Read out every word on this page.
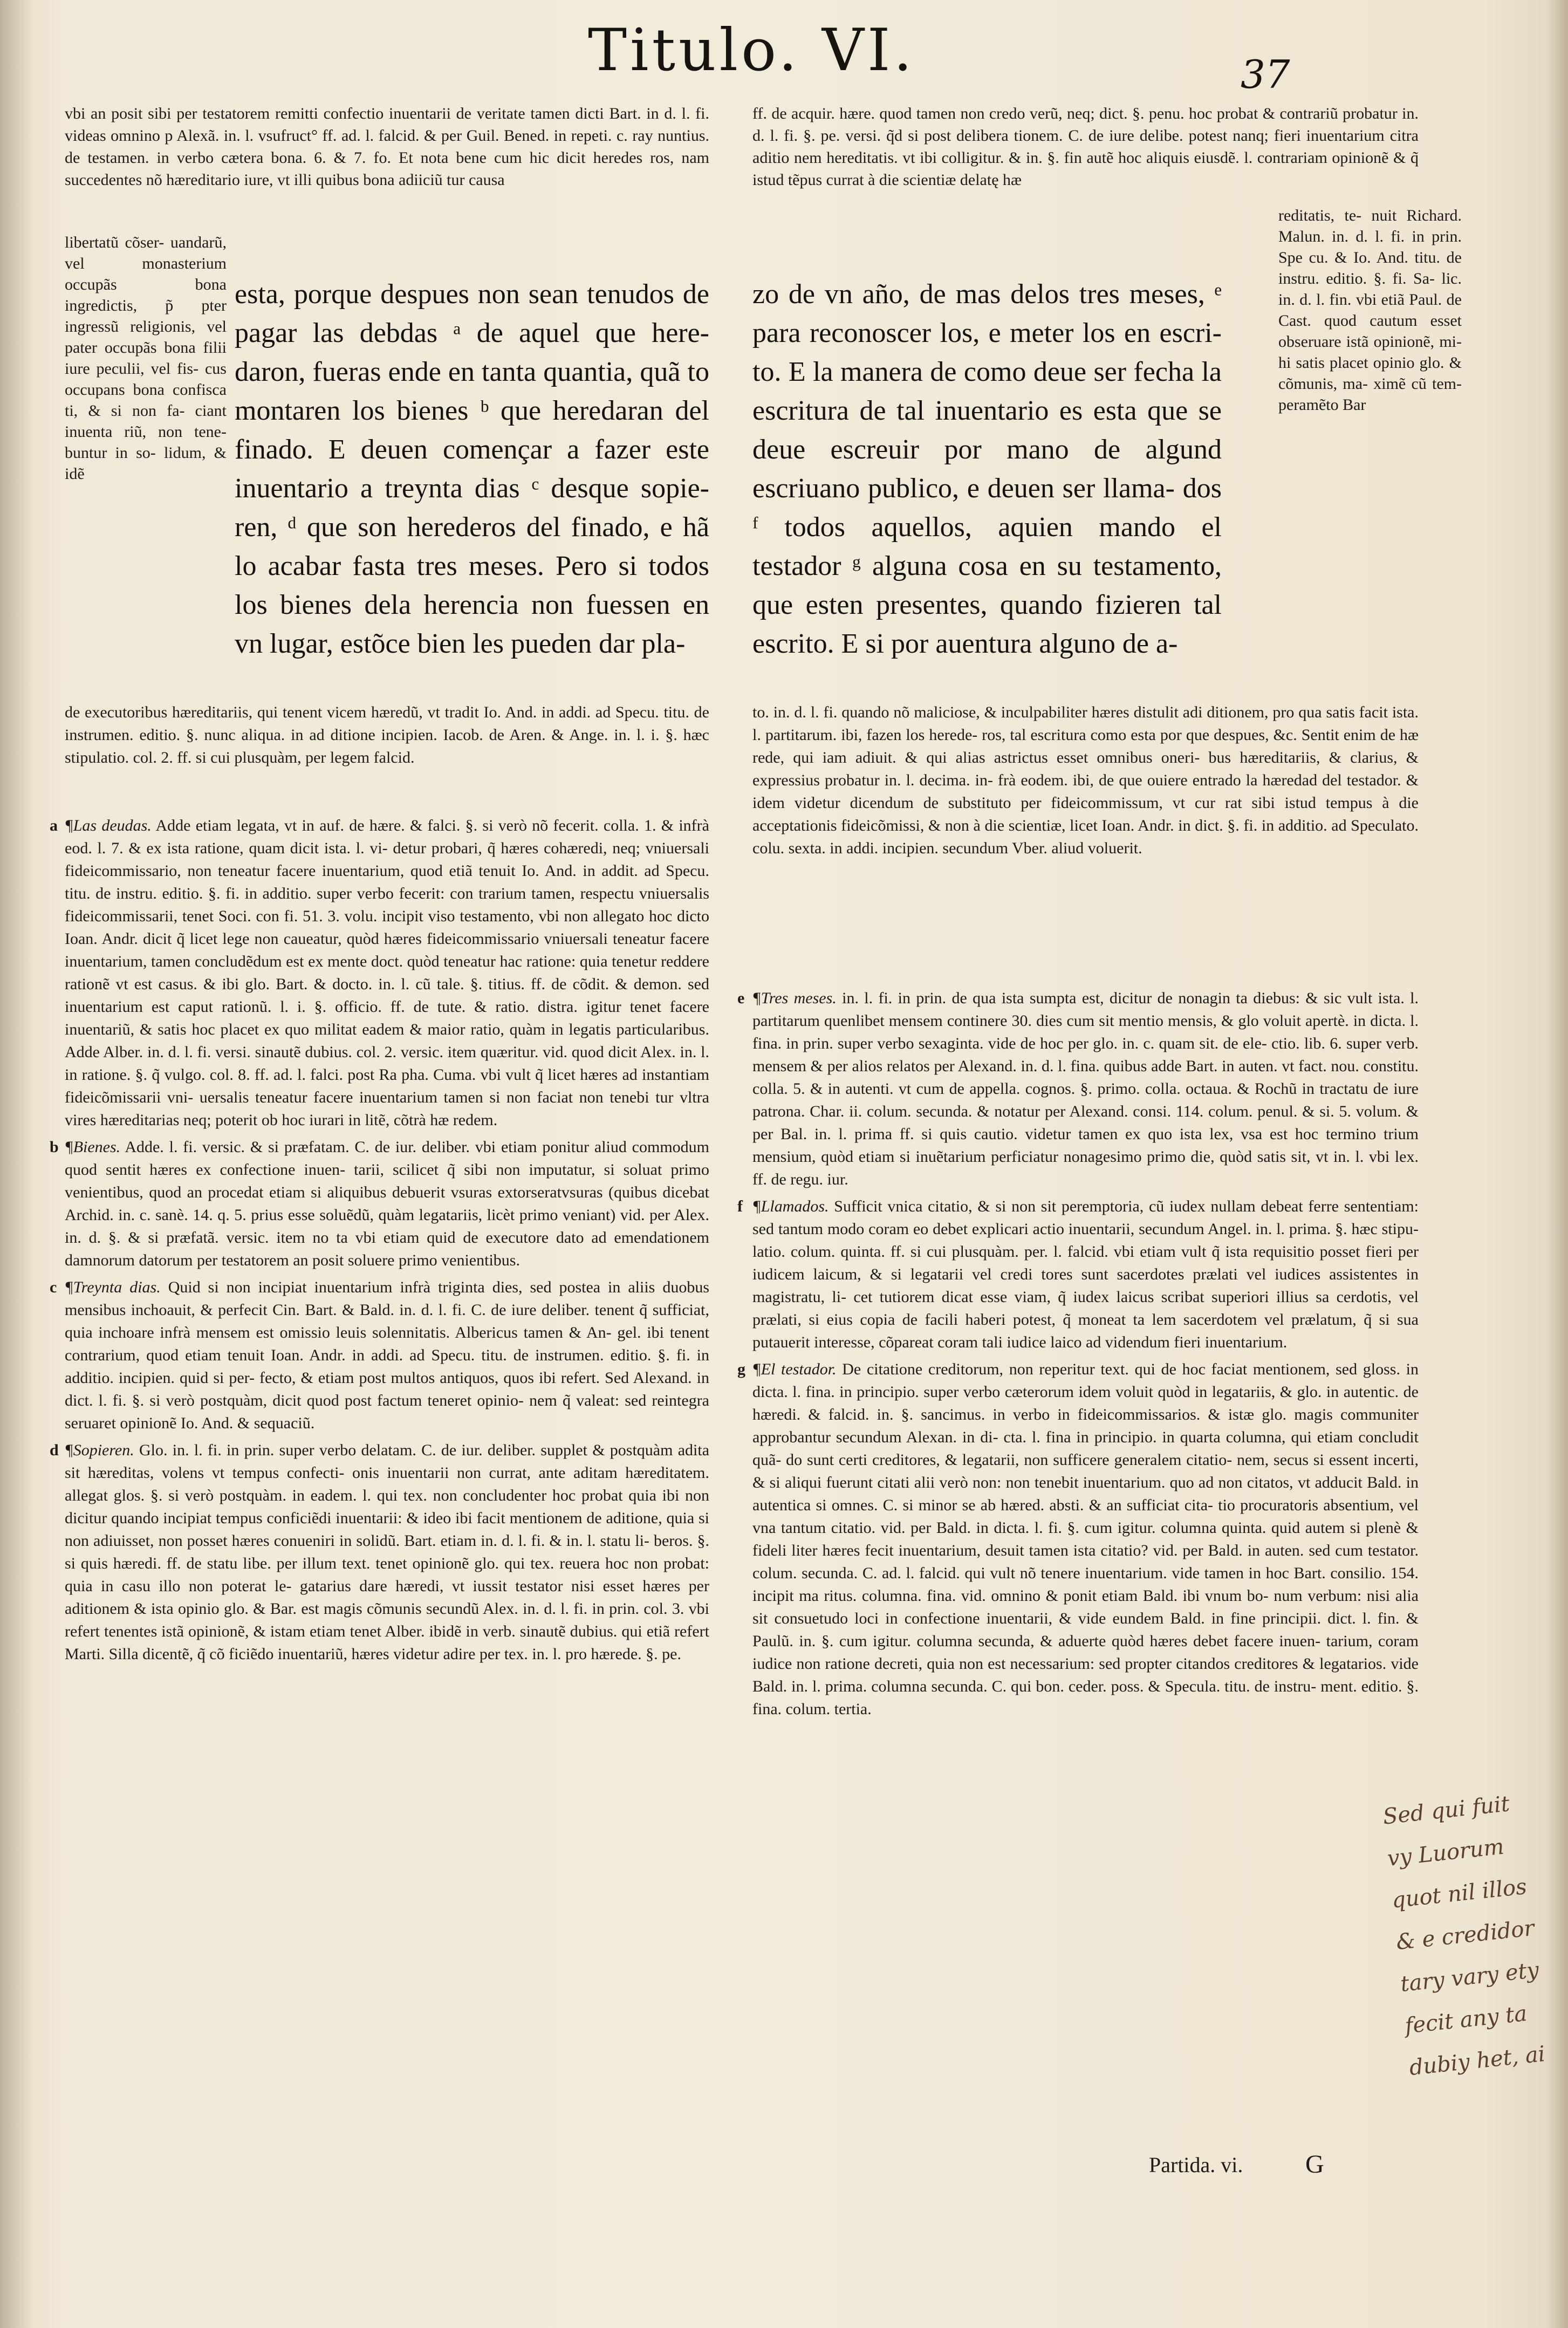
Titulo. VI.	37
vbi an posit sibi per testatorem remitti confectio inuentarii de veritate tamen dicti Bart. in d. l. fi. videas omnino p Alexã. in. l. vsufruct° ff. ad. l. falcid. & per Guil. Bened. in repeti. c. ray nuntius. de testamen. in verbo cætera bona. 6. & 7. fo. Et nota bene cum hic dicit heredes ros, nam succedentes nõ hæreditario iure, vt illi quibus bona adiiciũ tur causa
ff. de acquir. hære. quod tamen non credo verũ, neq; dict. §. penu. hoc probat & contrariũ probatur in. d. l. fi. §. pe. versi. q̃d si post delibera tionem. C. de iure delibe. potest nanq; fieri inuentarium citra aditio nem hereditatis. vt ibi colligitur. & in. §. fin autẽ hoc aliquis eiusdẽ. l. contrariam opinionẽ & q̃ istud tẽpus currat à die scientiæ delatę hæ
libertatũ cõser- uandarũ, vel monasterium occupãs bona ingredictis, p̃ pter ingressũ religionis, vel pater occupãs bona filii iure peculii, vel fis- cus occupans bona confisca ti, & si non fa- ciant inuenta riũ, non tene- buntur in so- lidum, & idẽ
reditatis, te- nuit Richard. Malun. in. d. l. fi. in prin. Spe cu. & Io. And. titu. de instru. editio. §. fi. Sa- lic. in. d. l. fin. vbi etiã Paul. de Cast. quod cautum esset obseruare istã opinionẽ, mi- hi satis placet opinio glo. & cõmunis, ma- ximẽ cũ tem- peramẽto Bar
esta, porque despues non sean tenudos de pagar las debdas ᵃ de aquel que here- daron, fueras ende en tanta quantia, quã to montaren los bienes ᵇ que heredaran del finado. E deuen començar a fazer este inuentario a treynta dias ᶜ desque sopie- ren, ᵈ que son herederos del finado, e hã lo acabar fasta tres meses. Pero si todos los bienes dela herencia non fuessen en vn lugar, estõce bien les pueden dar pla-
zo de vn año, de mas delos tres meses, ᵉ para reconoscer los, e meter los en escri- to. E la manera de como deue ser fecha la escritura de tal inuentario es esta que se deue escreuir por mano de algund escriuano publico, e deuen ser llama- dos ᶠ todos aquellos, aquien mando el testador ᵍ alguna cosa en su testamento, que esten presentes, quando fizieren tal escrito. E si por auentura alguno de a-
de executoribus hæreditariis, qui tenent vicem hæredũ, vt tradit Io. And. in addi. ad Specu. titu. de instrumen. editio. §. nunc aliqua. in ad ditione incipien. Iacob. de Aren. & Ange. in. l. i. §. hæc stipulatio. col. 2. ff. si cui plusquàm, per legem falcid.
to. in. d. l. fi. quando nõ maliciose, & inculpabiliter hæres distulit adi ditionem, pro qua satis facit ista. l. partitarum. ibi, fazen los herede- ros, tal escritura como esta por que despues, &c. Sentit enim de hæ rede, qui iam adiuit. & qui alias astrictus esset omnibus oneri- bus hæreditariis, & clarius, & expressius probatur in. l. decima. in- frà eodem. ibi, de que ouiere entrado la hæredad del testador. & idem videtur dicendum de substituto per fideicommissum, vt cur rat sibi istud tempus à die acceptationis fideicõmissi, & non à die scientiæ, licet Ioan. Andr. in dict. §. fi. in additio. ad Speculato. colu. sexta. in addi. incipien. secundum Vber. aliud voluerit.
a ¶Las deudas. Adde etiam legata, vt in auf. de hære. & falci. §. si verò nõ fecerit. colla. 1. & infrà eod. l. 7. & ex ista ratione, quam dicit ista. l. vi- detur probari, q̃ hæres cohæredi, neq; vniuersali fideicommissario, non teneatur facere inuentarium, quod etiã tenuit Io. And. in addit. ad Specu. titu. de instru. editio. §. fi. in additio. super verbo fecerit: con trarium tamen, respectu vniuersalis fideicommissarii, tenet Soci. con fi. 51. 3. volu. incipit viso testamento, vbi non allegato hoc dicto Ioan. Andr. dicit q̃ licet lege non caueatur, quòd hæres fideicommissario vniuersali teneatur facere inuentarium, tamen concludẽdum est ex mente doct. quòd teneatur hac ratione: quia tenetur reddere rationẽ vt est casus. & ibi glo. Bart. & docto. in. l. cũ tale. §. titius. ff. de cõdit. & demon. sed inuentarium est caput rationũ. l. i. §. officio. ff. de tute. & ratio. distra. igitur tenet facere inuentariũ, & satis hoc placet ex quo militat eadem & maior ratio, quàm in legatis particularibus. Adde Alber. in. d. l. fi. versi. sinautẽ dubius. col. 2. versic. item quæritur. vid. quod dicit Alex. in. l. in ratione. §. q̃ vulgo. col. 8. ff. ad. l. falci. post Ra pha. Cuma. vbi vult q̃ licet hæres ad instantiam fideicõmissarii vni- uersalis teneatur facere inuentarium tamen si non faciat non tenebi tur vltra vires hæreditarias neq; poterit ob hoc iurari in litẽ, cõtrà hæ redem.
b ¶Bienes. Adde. l. fi. versic. & si præfatam. C. de iur. deliber. vbi etiam ponitur aliud commodum quod sentit hæres ex confectione inuen- tarii, scilicet q̃ sibi non imputatur, si soluat primo venientibus, quod an procedat etiam si aliquibus debuerit vsuras extorseratvsuras (quibus dicebat Archid. in. c. sanè. 14. q. 5. prius esse soluẽdũ, quàm legatariis, licèt primo veniant) vid. per Alex. in. d. §. & si præfatã. versic. item no ta vbi etiam quid de executore dato ad emendationem damnorum datorum per testatorem an posit soluere primo venientibus.
c ¶Treynta dias. Quid si non incipiat inuentarium infrà triginta dies, sed postea in aliis duobus mensibus inchoauit, & perfecit Cin. Bart. & Bald. in. d. l. fi. C. de iure deliber. tenent q̃ sufficiat, quia inchoare infrà mensem est omissio leuis solennitatis. Albericus tamen & An- gel. ibi tenent contrarium, quod etiam tenuit Ioan. Andr. in addi. ad Specu. titu. de instrumen. editio. §. fi. in additio. incipien. quid si per- fecto, & etiam post multos antiquos, quos ibi refert. Sed Alexand. in dict. l. fi. §. si verò postquàm, dicit quod post factum teneret opinio- nem q̃ valeat: sed reintegra seruaret opinionẽ Io. And. & sequaciũ.
d ¶Sopieren. Glo. in. l. fi. in prin. super verbo delatam. C. de iur. deliber. supplet & postquàm adita sit hæreditas, volens vt tempus confecti- onis inuentarii non currat, ante aditam hæreditatem. allegat glos. §. si verò postquàm. in eadem. l. qui tex. non concludenter hoc probat quia ibi non dicitur quando incipiat tempus conficiẽdi inuentarii: & ideo ibi facit mentionem de aditione, quia si non adiuisset, non posset hæres conueniri in solidũ. Bart. etiam in. d. l. fi. & in. l. statu li- beros. §. si quis hæredi. ff. de statu libe. per illum text. tenet opinionẽ glo. qui tex. reuera hoc non probat: quia in casu illo non poterat le- gatarius dare hæredi, vt iussit testator nisi esset hæres per aditionem & ista opinio glo. & Bar. est magis cõmunis secundũ Alex. in. d. l. fi. in prin. col. 3. vbi refert tenentes istã opinionẽ, & istam etiam tenet Alber. ibidẽ in verb. sinautẽ dubius. qui etiã refert Marti. Silla dicentẽ, q̃ cõ ficiẽdo inuentariũ, hæres videtur adire per tex. in. l. pro hærede. §. pe.
e ¶Tres meses. in. l. fi. in prin. de qua ista sumpta est, dicitur de nonagin ta diebus: & sic vult ista. l. partitarum quenlibet mensem continere 30. dies cum sit mentio mensis, & glo voluit apertè. in dicta. l. fina. in prin. super verbo sexaginta. vide de hoc per glo. in. c. quam sit. de ele- ctio. lib. 6. super verb. mensem & per alios relatos per Alexand. in. d. l. fina. quibus adde Bart. in auten. vt fact. nou. constitu. colla. 5. & in autenti. vt cum de appella. cognos. §. primo. colla. octaua. & Rochũ in tractatu de iure patrona. Char. ii. colum. secunda. & notatur per Alexand. consi. 114. colum. penul. & si. 5. volum. & per Bal. in. l. prima ff. si quis cautio. videtur tamen ex quo ista lex, vsa est hoc termino trium mensium, quòd etiam si inuẽtarium perficiatur nonagesimo primo die, quòd satis sit, vt in. l. vbi lex. ff. de regu. iur.
f ¶Llamados. Sufficit vnica citatio, & si non sit peremptoria, cũ iudex nullam debeat ferre sententiam: sed tantum modo coram eo debet explicari actio inuentarii, secundum Angel. in. l. prima. §. hæc stipu- latio. colum. quinta. ff. si cui plusquàm. per. l. falcid. vbi etiam vult q̃ ista requisitio posset fieri per iudicem laicum, & si legatarii vel credi tores sunt sacerdotes prælati vel iudices assistentes in magistratu, li- cet tutiorem dicat esse viam, q̃ iudex laicus scribat superiori illius sa cerdotis, vel prælati, si eius copia de facili haberi potest, q̃ moneat ta lem sacerdotem vel prælatum, q̃ si sua putauerit interesse, cõpareat coram tali iudice laico ad videndum fieri inuentarium.
g ¶El testador. De citatione creditorum, non reperitur text. qui de hoc faciat mentionem, sed gloss. in dicta. l. fina. in principio. super verbo cæterorum idem voluit quòd in legatariis, & glo. in autentic. de hæredi. & falcid. in. §. sancimus. in verbo in fideicommissarios. & istæ glo. magis communiter approbantur secundum Alexan. in di- cta. l. fina in principio. in quarta columna, qui etiam concludit quã- do sunt certi creditores, & legatarii, non sufficere generalem citatio- nem, secus si essent incerti, & si aliqui fuerunt citati alii verò non: non tenebit inuentarium. quo ad non citatos, vt adducit Bald. in autentica si omnes. C. si minor se ab hæred. absti. & an sufficiat cita- tio procuratoris absentium, vel vna tantum citatio. vid. per Bald. in dicta. l. fi. §. cum igitur. columna quinta. quid autem si plenè & fideli liter hæres fecit inuentarium, desuit tamen ista citatio? vid. per Bald. in auten. sed cum testator. colum. secunda. C. ad. l. falcid. qui vult nõ tenere inuentarium. vide tamen in hoc Bart. consilio. 154. incipit ma ritus. columna. fina. vid. omnino & ponit etiam Bald. ibi vnum bo- num verbum: nisi alia sit consuetudo loci in confectione inuentarii, & vide eundem Bald. in fine principii. dict. l. fin. & Paulũ. in. §. cum igitur. columna secunda, & aduerte quòd hæres debet facere inuen- tarium, coram iudice non ratione decreti, quia non est necessarium: sed propter citandos creditores & legatarios. vide Bald. in. l. prima. columna secunda. C. qui bon. ceder. poss. & Specula. titu. de instru- ment. editio. §. fina. colum. tertia.
Partida. vi. G
Sed qui fuit
vy Luorum
quot nil illos
& e credidor
tary vary ety
fecit any ta
dubiy het, ai
